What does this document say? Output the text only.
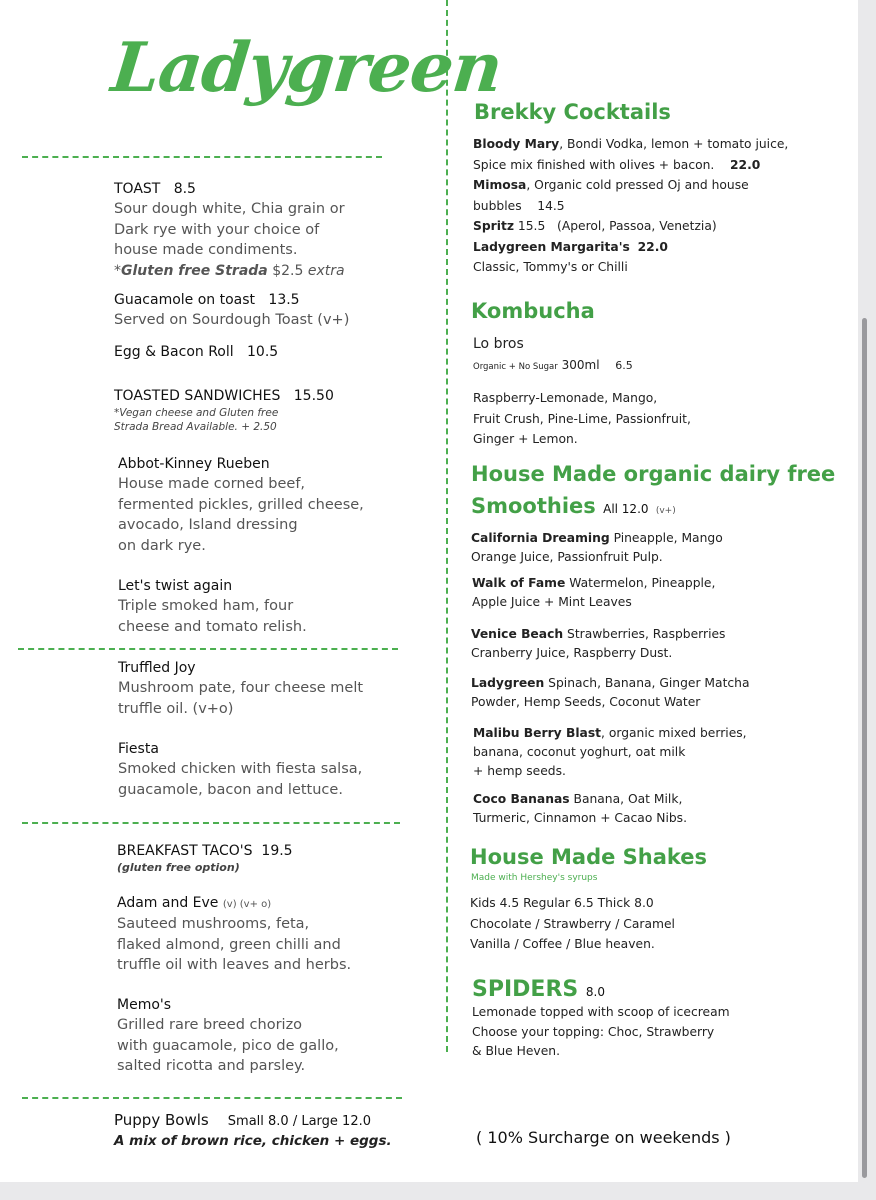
Ladygreen
TOAST 8.5
Sour dough white, Chia grain or
Dark rye with your choice of
house made condiments.
*Gluten free Strada $2.5 extra
Guacamole on toast 13.5
Served on Sourdough Toast (v+)
Egg & Bacon Roll 10.5
TOASTED SANDWICHES 15.50
*Vegan cheese and Gluten free
Strada Bread Available. + 2.50
Abbot-Kinney Rueben
House made corned beef,
fermented pickles, grilled cheese,
avocado, Island dressing
on dark rye.
Let's twist again
Triple smoked ham, four
cheese and tomato relish.
Truffled Joy
Mushroom pate, four cheese melt
truffle oil. (v+o)
Fiesta
Smoked chicken with fiesta salsa,
guacamole, bacon and lettuce.
BREAKFAST TACO'S 19.5
(gluten free option)
Adam and Eve (v) (v+ o)
Sauteed mushrooms, feta,
flaked almond, green chilli and
truffle oil with leaves and herbs.
Memo's
Grilled rare breed chorizo
with guacamole, pico de gallo,
salted ricotta and parsley.
Puppy Bowls Small 8.0 / Large 12.0
A mix of brown rice, chicken + eggs.
Brekky Cocktails
Bloody Mary, Bondi Vodka, lemon + tomato juice,
Spice mix finished with olives + bacon. 22.0
Mimosa, Organic cold pressed Oj and house
bubbles 14.5
Spritz 15.5 (Aperol, Passoa, Venetzia)
Ladygreen Margarita's 22.0
Classic, Tommy's or Chilli
Kombucha
Lo bros
Organic + No Sugar 300ml 6.5
Raspberry-Lemonade, Mango,
Fruit Crush, Pine-Lime, Passionfruit,
Ginger + Lemon.
House Made organic dairy free
Smoothies All 12.0 (v+)
California Dreaming Pineapple, Mango
Orange Juice, Passionfruit Pulp.
Walk of Fame Watermelon, Pineapple,
Apple Juice + Mint Leaves
Venice Beach Strawberries, Raspberries
Cranberry Juice, Raspberry Dust.
Ladygreen Spinach, Banana, Ginger Matcha
Powder, Hemp Seeds, Coconut Water
Malibu Berry Blast, organic mixed berries,
banana, coconut yoghurt, oat milk
+ hemp seeds.
Coco Bananas Banana, Oat Milk,
Turmeric, Cinnamon + Cacao Nibs.
House Made Shakes
Made with Hershey's syrups
Kids 4.5 Regular 6.5 Thick 8.0
Chocolate / Strawberry / Caramel
Vanilla / Coffee / Blue heaven.
SPIDERS 8.0
Lemonade topped with scoop of icecream
Choose your topping: Choc, Strawberry
& Blue Heven.
( 10% Surcharge on weekends )
